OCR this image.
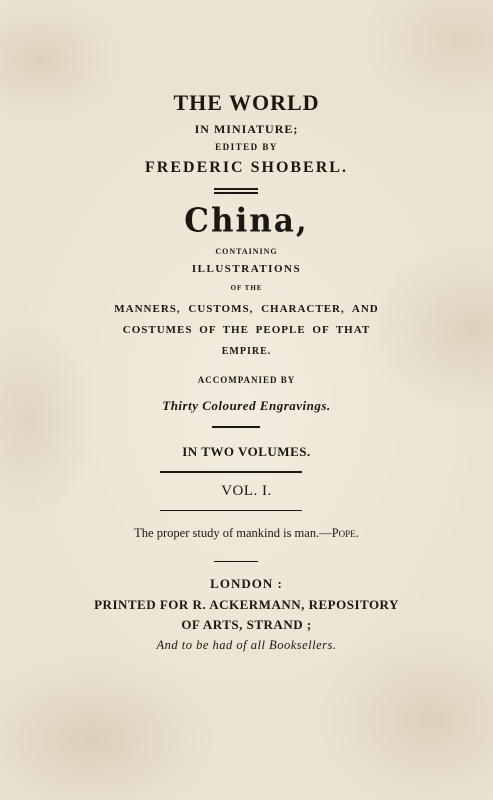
THE WORLD
IN MINIATURE;
EDITED BY
FREDERIC SHOBERL.
China,
CONTAINING
ILLUSTRATIONS
OF THE
MANNERS, CUSTOMS, CHARACTER, AND
COSTUMES OF THE PEOPLE OF THAT
EMPIRE.
ACCOMPANIED BY
Thirty Coloured Engravings.
IN TWO VOLUMES.
VOL. I.
The proper study of mankind is man.—Pope.
LONDON :
PRINTED FOR R. ACKERMANN, REPOSITORY
OF ARTS, STRAND ;
And to be had of all Booksellers.
